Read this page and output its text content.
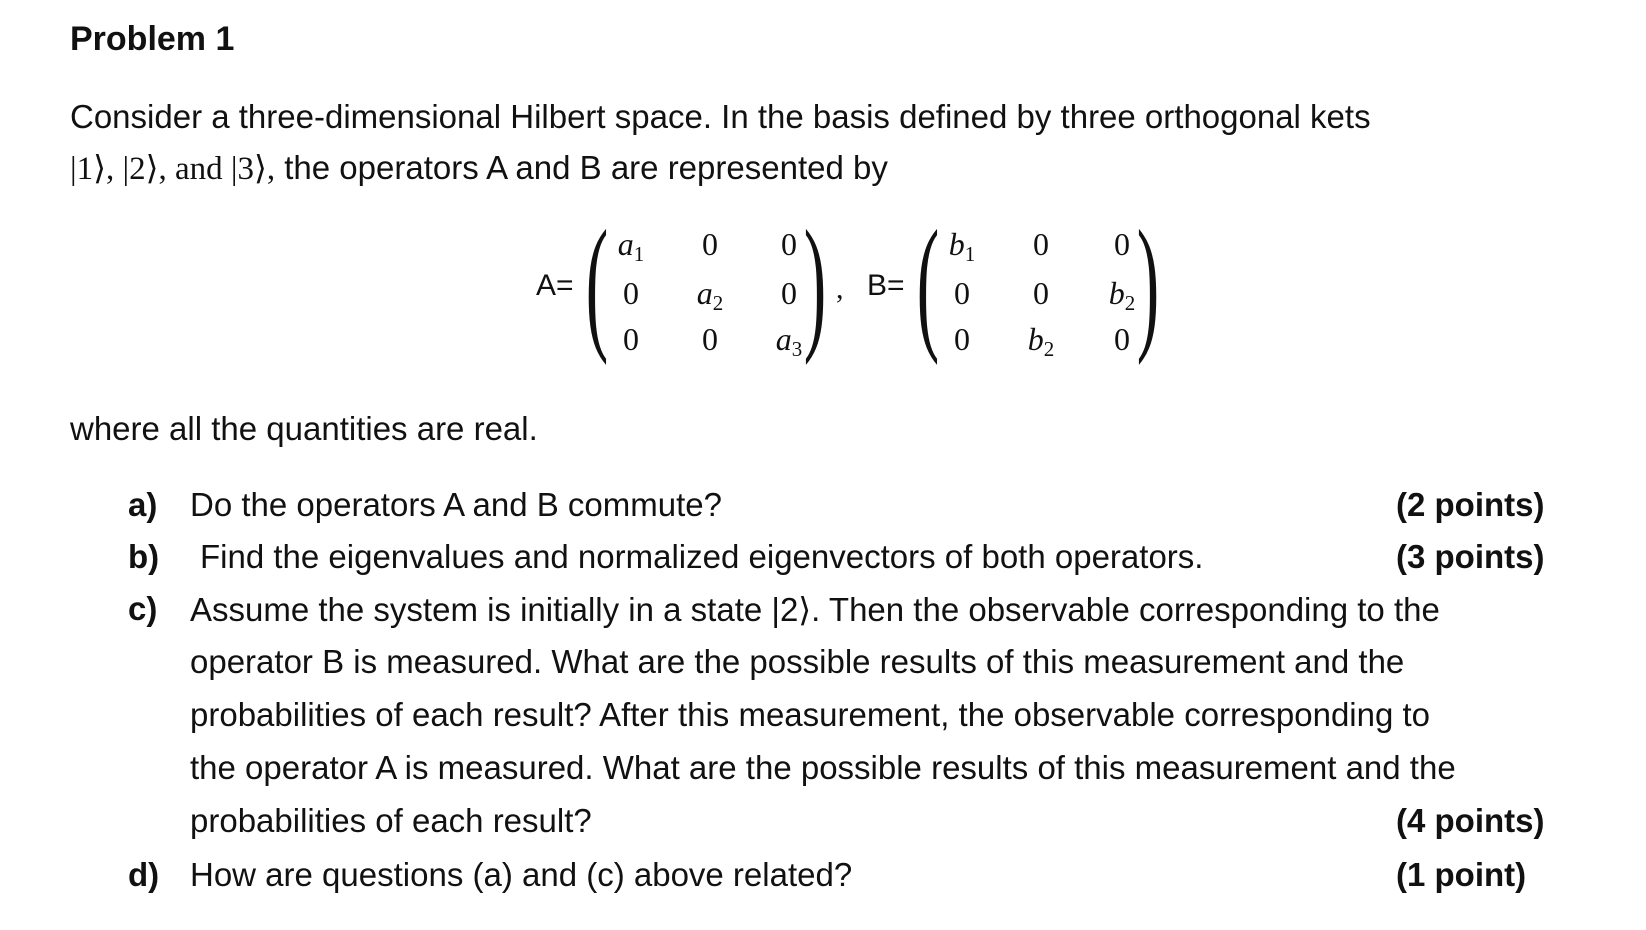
Problem 1
Consider a three-dimensional Hilbert space. In the basis defined by three orthogonal kets
|1⟩, |2⟩, and |3⟩, the operators A and B are represented by
A= ( )
$a_1$	0	0
0	$a_2$	0
0	0	$a_3$
, B= ( )
$b_1$	0	0
0	0	$b_2$
0	$b_2$	0
where all the quantities are real.
a) Do the operators A and B commute?	(2 points)
b) Find the eigenvalues and normalized eigenvectors of both operators.	(3 points)
c) Assume the system is initially in a state |2⟩. Then the observable corresponding to the
operator B is measured. What are the possible results of this measurement and the
probabilities of each result? After this measurement, the observable corresponding to
the operator A is measured. What are the possible results of this measurement and the
probabilities of each result?	(4 points)
d) How are questions (a) and (c) above related?	(1 point)
